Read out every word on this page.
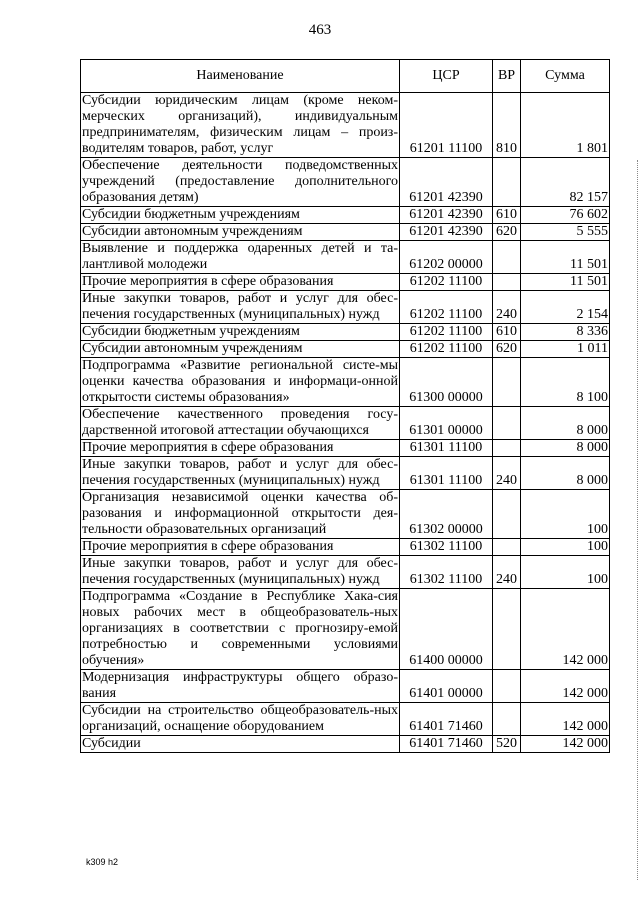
463
Наименование	ЦСР	ВР	Сумма
Субсидии юридическим лицам (кроме неком-мерческих организаций), индивидуальным предпринимателям, физическим лицам – произ-водителям товаров, работ, услуг	61201 11100	810	1 801
Обеспечение деятельности подведомственных учреждений (предоставление дополнительного образования детям)	61201 42390		82 157
Субсидии бюджетным учреждениям	61201 42390	610	76 602
Субсидии автономным учреждениям	61201 42390	620	5 555
Выявление и поддержка одаренных детей и та-лантливой молодежи	61202 00000		11 501
Прочие мероприятия в сфере образования	61202 11100		11 501
Иные закупки товаров, работ и услуг для обес-печения государственных (муниципальных) нужд	61202 11100	240	2 154
Субсидии бюджетным учреждениям	61202 11100	610	8 336
Субсидии автономным учреждениям	61202 11100	620	1 011
Подпрограмма «Развитие региональной систе-мы оценки качества образования и информаци-онной открытости системы образования»	61300 00000		8 100
Обеспечение качественного проведения госу-дарственной итоговой аттестации обучающихся	61301 00000		8 000
Прочие мероприятия в сфере образования	61301 11100		8 000
Иные закупки товаров, работ и услуг для обес-печения государственных (муниципальных) нужд	61301 11100	240	8 000
Организация независимой оценки качества об-разования и информационной открытости дея-тельности образовательных организаций	61302 00000		100
Прочие мероприятия в сфере образования	61302 11100		100
Иные закупки товаров, работ и услуг для обес-печения государственных (муниципальных) нужд	61302 11100	240	100
Подпрограмма «Создание в Республике Хака-сия новых рабочих мест в общеобразователь-ных организациях в соответствии с прогнозиру-емой потребностью и современными условиями обучения»	61400 00000		142 000
Модернизация инфраструктуры общего образо-вания	61401 00000		142 000
Субсидии на строительство общеобразователь-ных организаций, оснащение оборудованием	61401 71460		142 000
Субсидии	61401 71460	520	142 000
k309 h2
